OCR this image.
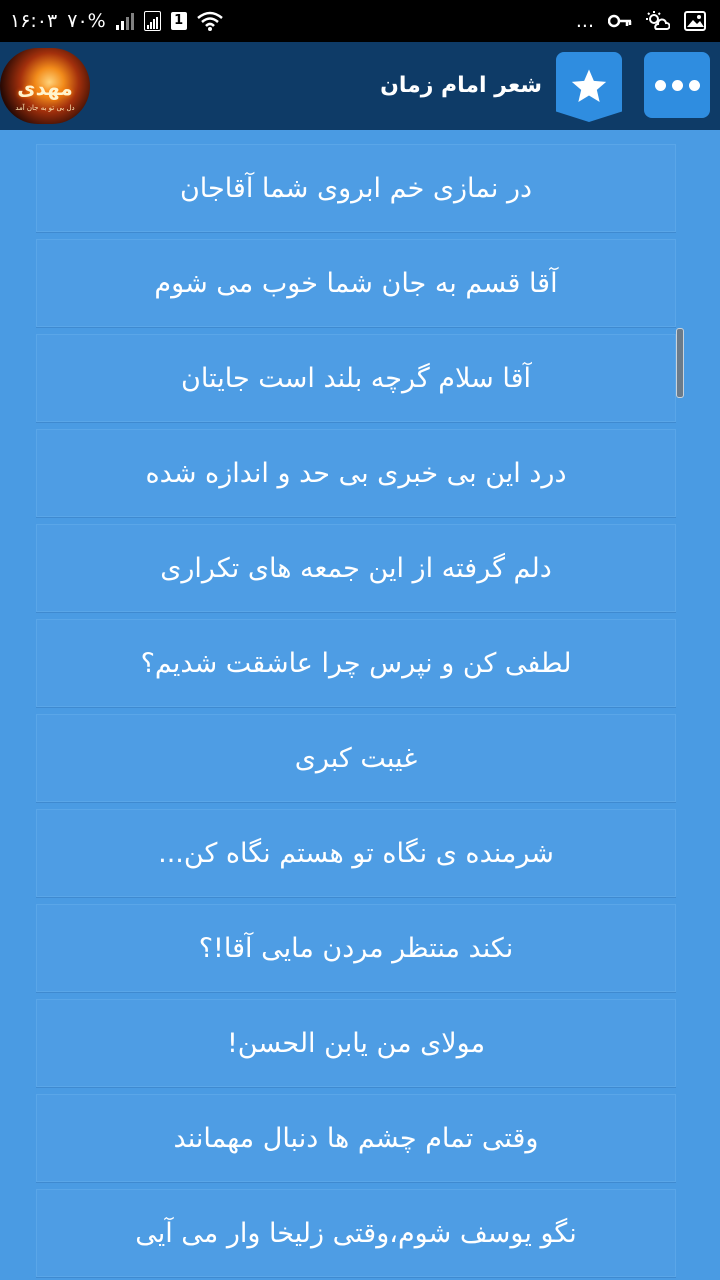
۱۶:۰۳ ۷۰%	1	...
مهدی
دل بی تو به جان آمد
شعر امام زمان
در نمازی خم ابروی شما آقاجان
آقا قسم به جان شما خوب می شوم
آقا سلام گرچه بلند است جایتان
درد این بی خبری بی حد و اندازه شده
دلم گرفته از این جمعه های تکراری
لطفی کن و نپرس چرا عاشقت شدیم؟
غیبت کبری
شرمنده ی نگاه تو هستم نگاه کن...
نکند منتظر مردن مایی آقا!؟
مولای من یابن الحسن!
وقتی تمام چشم ها دنبال مهمانند
نگو یوسف شوم،وقتی زلیخا وار می آیی
